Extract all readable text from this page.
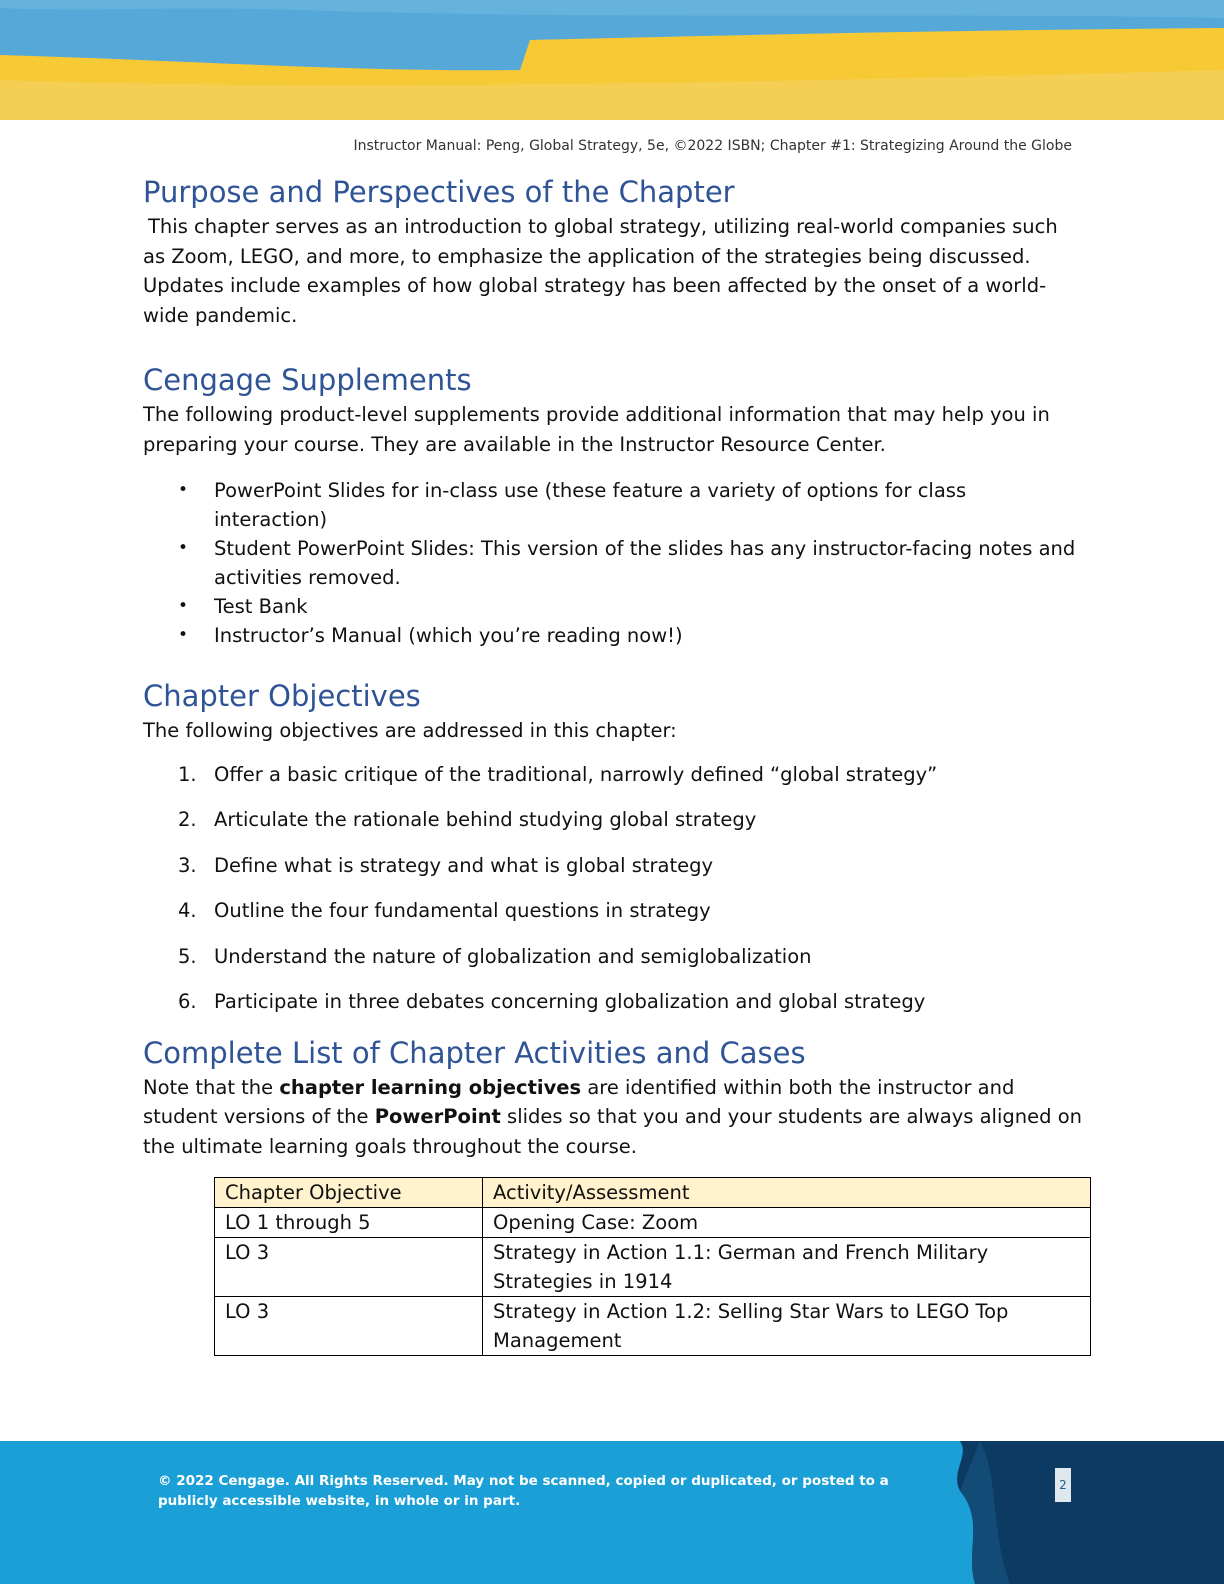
Instructor Manual: Peng, Global Strategy, 5e, ©2022 ISBN; Chapter #1: Strategizing Around the Globe
Purpose and Perspectives of the Chapter

This chapter serves as an introduction to global strategy, utilizing real-world companies such as Zoom, LEGO, and more, to emphasize the application of the strategies being discussed. Updates include examples of how global strategy has been affected by the onset of a world-wide pandemic.

Cengage Supplements

The following product-level supplements provide additional information that may help you in preparing your course. They are available in the Instructor Resource Center.

• PowerPoint Slides for in-class use (these feature a variety of options for class interaction)
• Student PowerPoint Slides: This version of the slides has any instructor-facing notes and activities removed.
• Test Bank
• Instructor’s Manual (which you’re reading now!)
Chapter Objectives

The following objectives are addressed in this chapter:

1. Offer a basic critique of the traditional, narrowly defined “global strategy”
2. Articulate the rationale behind studying global strategy
3. Define what is strategy and what is global strategy
4. Outline the four fundamental questions in strategy
5. Understand the nature of globalization and semiglobalization
6. Participate in three debates concerning globalization and global strategy
Complete List of Chapter Activities and Cases

Note that the chapter learning objectives are identified within both the instructor and student versions of the PowerPoint slides so that you and your students are always aligned on the ultimate learning goals throughout the course.

Chapter Objective	Activity/Assessment
LO 1 through 5	Opening Case: Zoom
LO 3	Strategy in Action 1.1: German and French Military Strategies in 1914
LO 3	Strategy in Action 1.2: Selling Star Wars to LEGO Top Management
© 2022 Cengage. All Rights Reserved. May not be scanned, copied or duplicated, or posted to a publicly accessible website, in whole or in part.
2
